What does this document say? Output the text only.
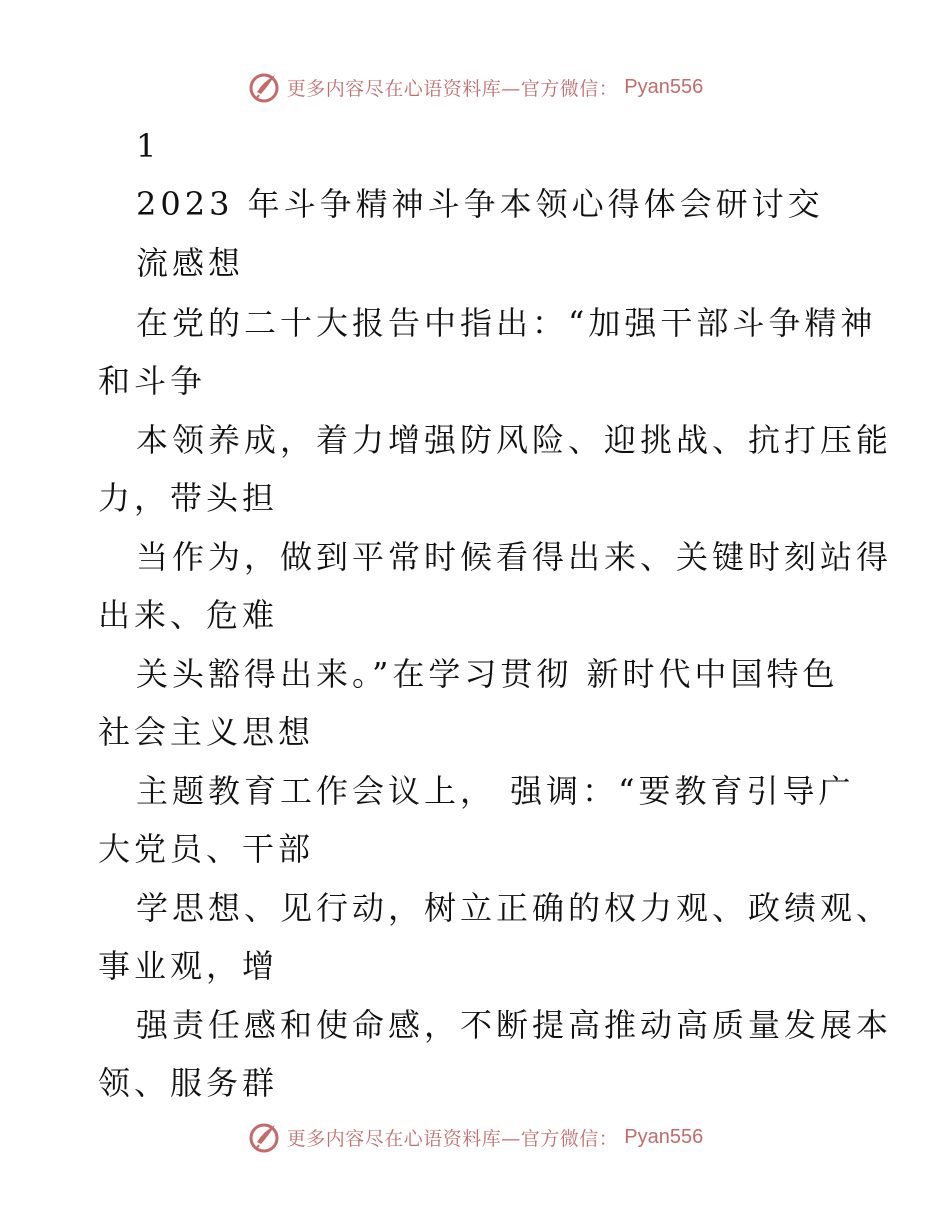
更多内容尽在心语资料库—官方微信： Pyan556
1
2023 年斗争精神斗争本领心得体会研讨交
流感想
在党的二十大报告中指出：“加强干部斗争精神
和斗争
本领养成，着力增强防风险、迎挑战、抗打压能
力，带头担
当作为，做到平常时候看得出来、关键时刻站得
出来、危难
关头豁得出来。”在学习贯彻 新时代中国特色
社会主义思想
主题教育工作会议上， 强调：“要教育引导广
大党员、干部
学思想、见行动，树立正确的权力观、政绩观、
事业观，增
强责任感和使命感，不断提高推动高质量发展本
领、服务群
更多内容尽在心语资料库—官方微信： Pyan556
